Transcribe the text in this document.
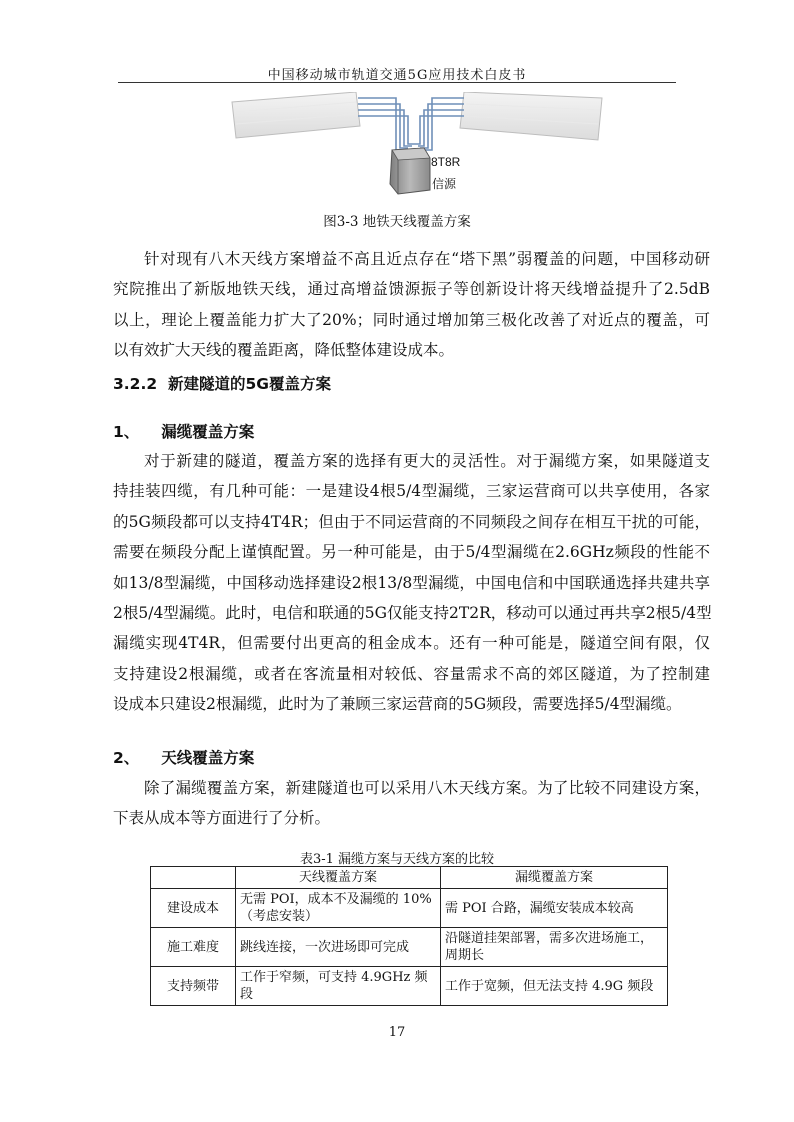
中国移动城市轨道交通5G应用技术白皮书
8T8R
信源
图3-3 地铁天线覆盖方案
针对现有八木天线方案增益不高且近点存在“塔下黑”弱覆盖的问题，中国移动研
究院推出了新版地铁天线，通过高增益馈源振子等创新设计将天线增益提升了2.5dB
以上，理论上覆盖能力扩大了20%；同时通过增加第三极化改善了对近点的覆盖，可
以有效扩大天线的覆盖距离，降低整体建设成本。
3.2.2 新建隧道的5G覆盖方案
1、 漏缆覆盖方案
对于新建的隧道，覆盖方案的选择有更大的灵活性。对于漏缆方案，如果隧道支
持挂装四缆，有几种可能：一是建设4根5/4型漏缆，三家运营商可以共享使用，各家
的5G频段都可以支持4T4R；但由于不同运营商的不同频段之间存在相互干扰的可能，
需要在频段分配上谨慎配置。另一种可能是，由于5/4型漏缆在2.6GHz频段的性能不
如13/8型漏缆，中国移动选择建设2根13/8型漏缆，中国电信和中国联通选择共建共享
2根5/4型漏缆。此时，电信和联通的5G仅能支持2T2R，移动可以通过再共享2根5/4型
漏缆实现4T4R，但需要付出更高的租金成本。还有一种可能是，隧道空间有限，仅
支持建设2根漏缆，或者在客流量相对较低、容量需求不高的郊区隧道，为了控制建
设成本只建设2根漏缆，此时为了兼顾三家运营商的5G频段，需要选择5/4型漏缆。
2、 天线覆盖方案
除了漏缆覆盖方案，新建隧道也可以采用八木天线方案。为了比较不同建设方案，
下表从成本等方面进行了分析。
表3-1 漏缆方案与天线方案的比较
	天线覆盖方案	漏缆覆盖方案
建设成本	无需 POI，成本不及漏缆的 10%（考虑安装）	需 POI 合路，漏缆安装成本较高
施工难度	跳线连接，一次进场即可完成	沿隧道挂架部署，需多次进场施工，周期长
支持频带	工作于窄频，可支持 4.9GHz 频段	工作于宽频，但无法支持 4.9G 频段
17
